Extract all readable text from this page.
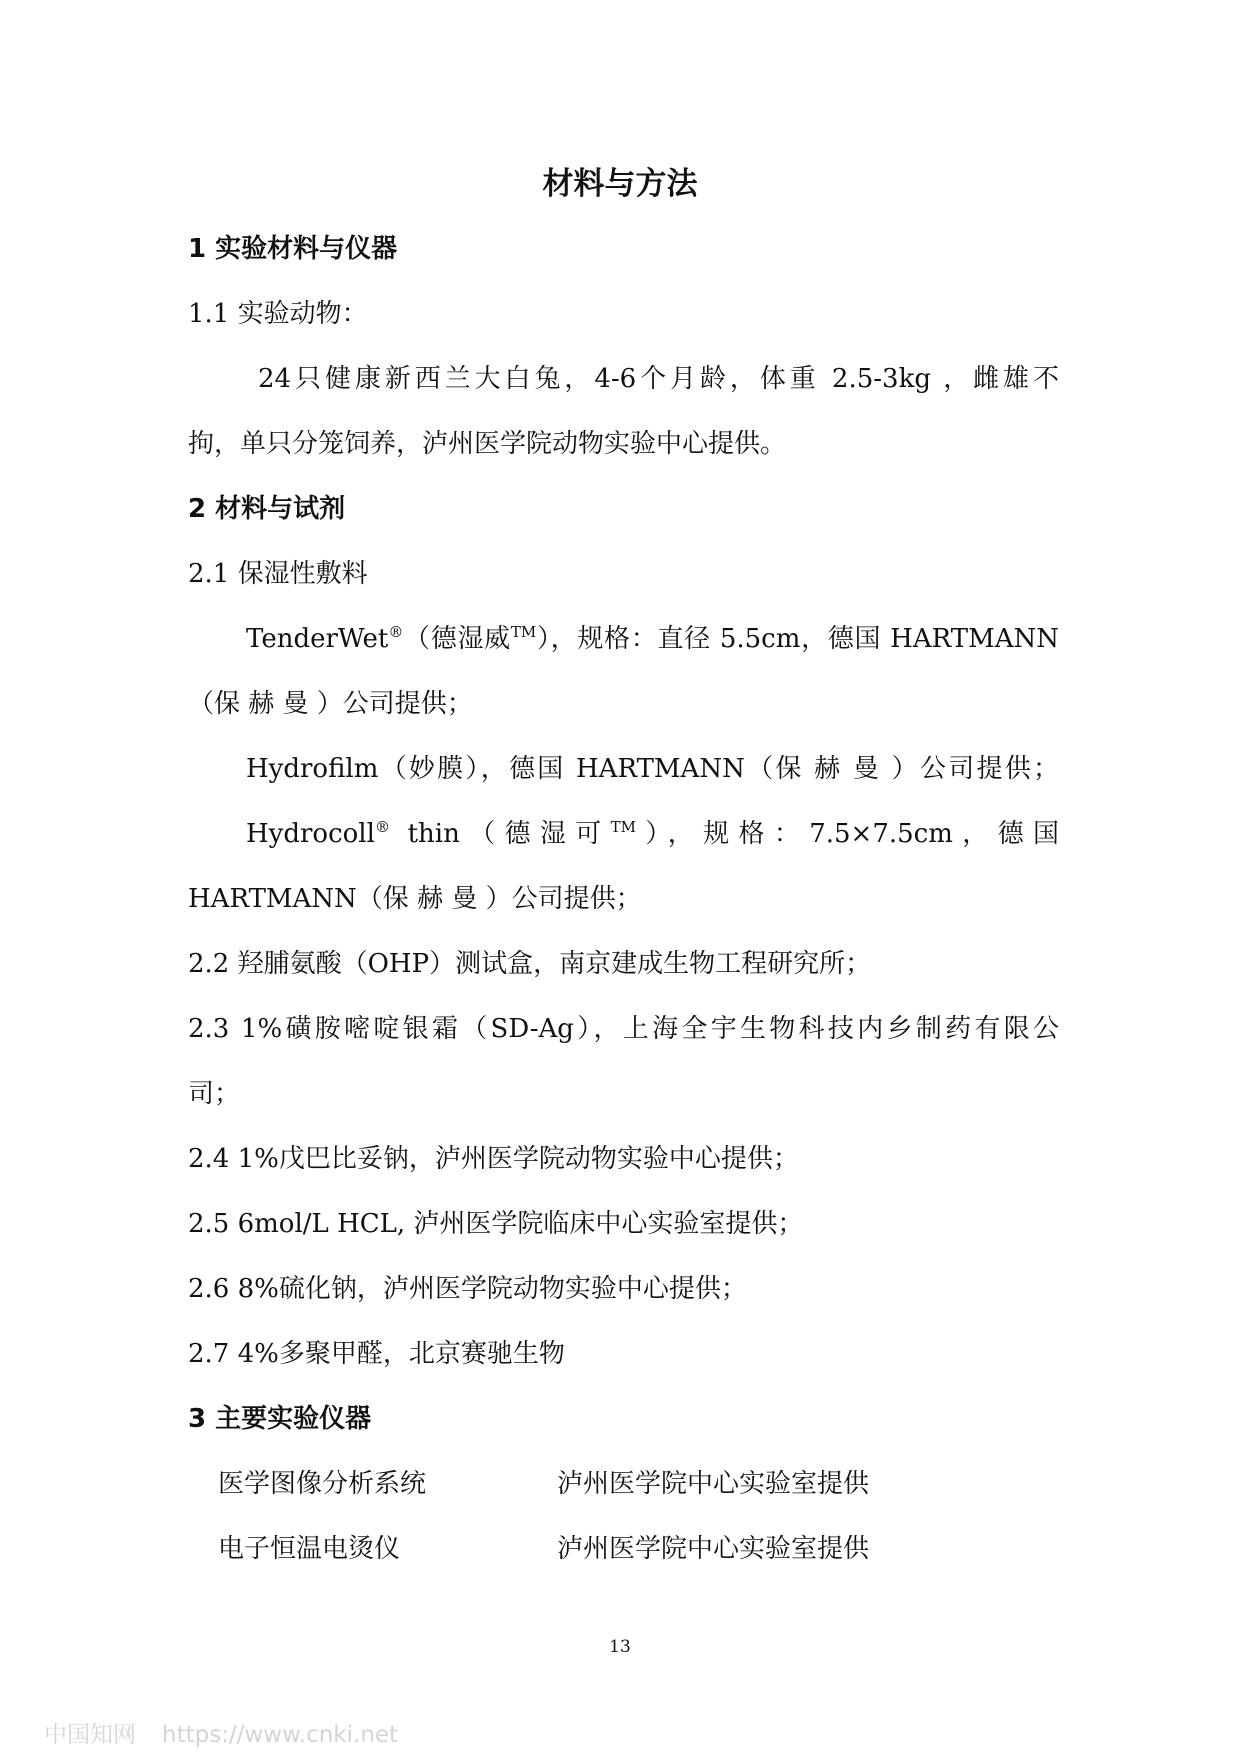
材料与方法
1 实验材料与仪器
1.1 实验动物：
24只健康新西兰大白兔，4-6个月龄，体重 2.5-3kg ，雌雄不
拘，单只分笼饲养，泸州医学院动物实验中心提供。
2 材料与试剂
2.1 保湿性敷料
TenderWet®（德湿威™），规格：直径 5.5cm，德国 HARTMANN
（保 赫 曼 ）公司提供；
Hydrofilm（妙膜），德国 HARTMANN（保 赫 曼 ）公司提供；
Hydrocoll® thin（德湿可™），规格：7.5×7.5cm，德国
HARTMANN（保 赫 曼 ）公司提供；
2.2 羟脯氨酸（OHP）测试盒，南京建成生物工程研究所；
2.3 1%磺胺嘧啶银霜（SD-Ag），上海全宇生物科技内乡制药有限公
司；
2.4 1%戊巴比妥钠，泸州医学院动物实验中心提供；
2.5 6mol/L HCL, 泸州医学院临床中心实验室提供；
2.6 8%硫化钠，泸州医学院动物实验中心提供；
2.7 4%多聚甲醛，北京赛驰生物
3 主要实验仪器
医学图像分析系统	泸州医学院中心实验室提供
电子恒温电烫仪	泸州医学院中心实验室提供
13
中国知网 https://www.cnki.net
